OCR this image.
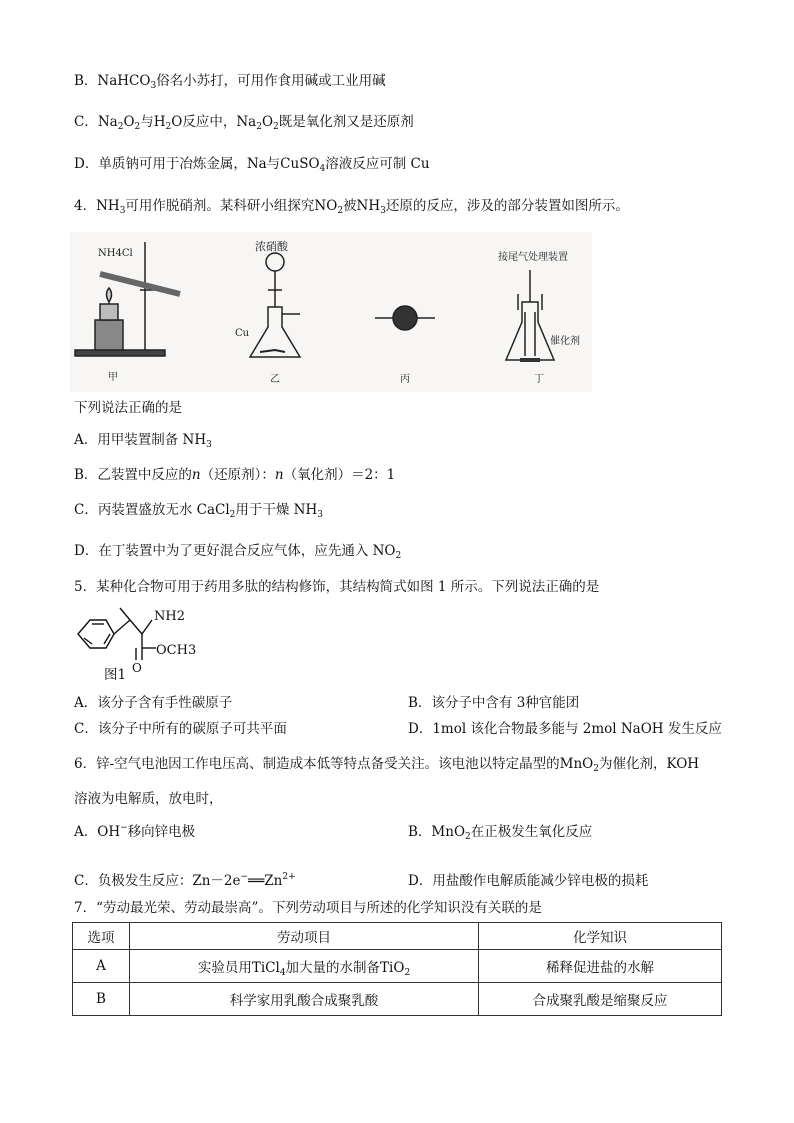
B．NaHCO$_3$俗名小苏打，可用作食用碱或工业用碱
C．$Na_2O_2$与$H_2O$反应中，$Na_2O_2$既是氧化剂又是还原剂
D．单质钠可用于冶炼金属，Na与CuSO$_4$溶液反应可制 Cu
4．$NH_3$可用作脱硝剂。某科研小组探究$NO_2$被$NH_3$还原的反应，涉及的部分装置如图所示。
NH4Cl
浓硝酸
Cu
接尾气处理装置
催化剂
甲	乙	丙	丁
下列说法正确的是
A．用甲装置制备 $NH_3$
B．乙装置中反应的n（还原剂）：n（氧化剂）＝2：1
C．丙装置盛放无水 CaCl$_2$用于干燥 $NH_3$
D．在丁装置中为了更好混合反应气体，应先通入 $NO_2$
5．某种化合物可用于药用多肽的结构修饰，其结构简式如图 1 所示。下列说法正确的是
NH2
O
OCH3
图1
A．该分子含有手性碳原子	B．该分子中含有 3种官能团
C．该分子中所有的碳原子可共平面	D．1mol 该化合物最多能与 2mol NaOH 发生反应
6．锌-空气电池因工作电压高、制造成本低等特点备受关注。该电池以特定晶型的MnO$_2$为催化剂，KOH
溶液为电解质，放电时，
A．OH−移向锌电极	B．MnO$_2$在正极发生氧化反应
C．负极发生反应：$Zn-2e^-══Zn^{2+}$	D．用盐酸作电解质能减少锌电极的损耗
7．“劳动最光荣、劳动最崇高”。下列劳动项目与所述的化学知识没有关联的是
选项	劳动项目	化学知识
A	实验员用TiCl$_4$加大量的水制备TiO$_2$	稀释促进盐的水解
B	科学家用乳酸合成聚乳酸	合成聚乳酸是缩聚反应
